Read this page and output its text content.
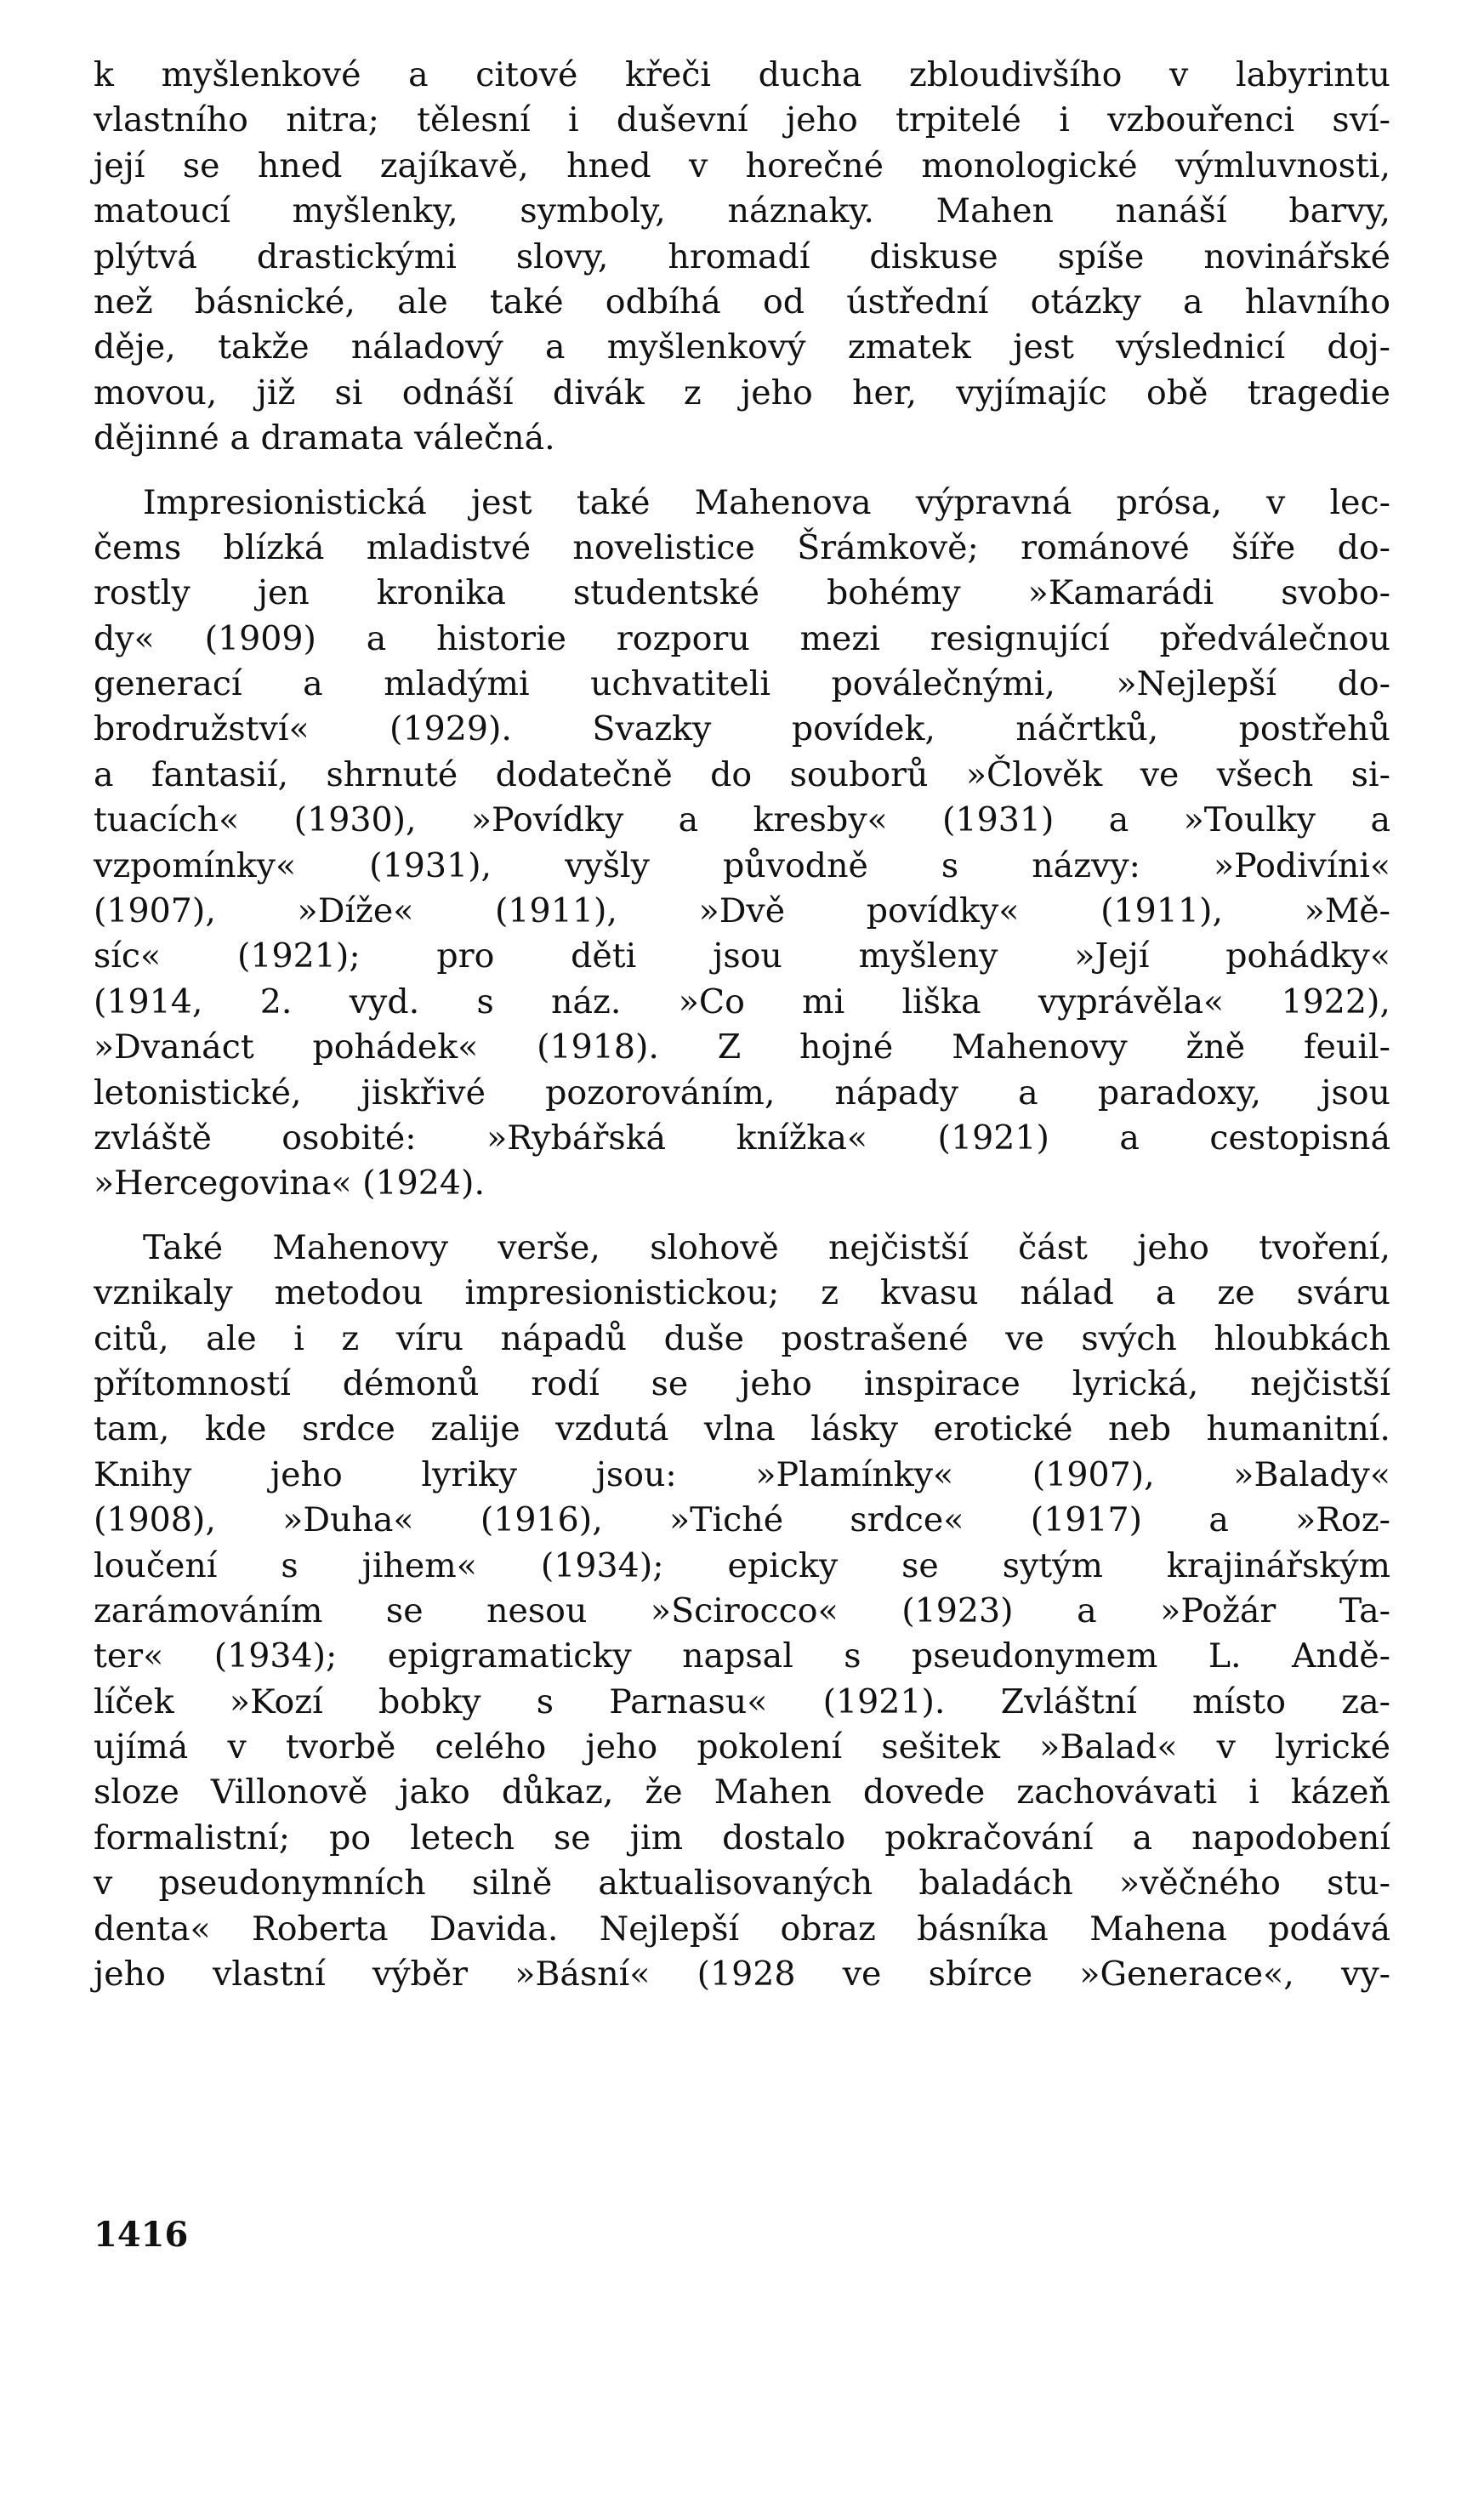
k myšlenkové a citové křeči ducha zbloudivšího v labyrintu
vlastního nitra; tělesní i duševní jeho trpitelé i vzbouřenci sví-
její se hned zajíkavě, hned v horečné monologické výmluvnosti,
matoucí myšlenky, symboly, náznaky. Mahen nanáší barvy,
plýtvá drastickými slovy, hromadí diskuse spíše novinářské
než básnické, ale také odbíhá od ústřední otázky a hlavního
děje, takže náladový a myšlenkový zmatek jest výslednicí doj-
movou, již si odnáší divák z jeho her, vyjímajíc obě tragedie
dějinné a dramata válečná.
Impresionistická jest také Mahenova výpravná prósa, v lec-
čems blízká mladistvé novelistice Šrámkově; románové šíře do-
rostly jen kronika studentské bohémy »Kamarádi svobo-
dy« (1909) a historie rozporu mezi resignující předválečnou
generací a mladými uchvatiteli poválečnými, »Nejlepší do-
brodružství« (1929). Svazky povídek, náčrtků, postřehů
a fantasií, shrnuté dodatečně do souborů »Člověk ve všech si-
tuacích« (1930), »Povídky a kresby« (1931) a »Toulky a
vzpomínky« (1931), vyšly původně s názvy: »Podivíni«
(1907), »Díže« (1911), »Dvě povídky« (1911), »Mě-
síc« (1921); pro děti jsou myšleny »Její pohádky«
(1914, 2. vyd. s náz. »Co mi liška vyprávěla« 1922),
»Dvanáct pohádek« (1918). Z hojné Mahenovy žně feuil-
letonistické, jiskřivé pozorováním, nápady a paradoxy, jsou
zvláště osobité: »Rybářská knížka« (1921) a cestopisná
»Hercegovina« (1924).
Také Mahenovy verše, slohově nejčistší část jeho tvoření,
vznikaly metodou impresionistickou; z kvasu nálad a ze sváru
citů, ale i z víru nápadů duše postrašené ve svých hloubkách
přítomností démonů rodí se jeho inspirace lyrická, nejčistší
tam, kde srdce zalije vzdutá vlna lásky erotické neb humanitní.
Knihy jeho lyriky jsou: »Plamínky« (1907), »Balady«
(1908), »Duha« (1916), »Tiché srdce« (1917) a »Roz-
loučení s jihem« (1934); epicky se sytým krajinářským
zarámováním se nesou »Scirocco« (1923) a »Požár Ta-
ter« (1934); epigramaticky napsal s pseudonymem L. Andě-
líček »Kozí bobky s Parnasu« (1921). Zvláštní místo za-
ujímá v tvorbě celého jeho pokolení sešitek »Balad« v lyrické
sloze Villonově jako důkaz, že Mahen dovede zachovávati i kázeň
formalistní; po letech se jim dostalo pokračování a napodobení
v pseudonymních silně aktualisovaných baladách »věčného stu-
denta« Roberta Davida. Nejlepší obraz básníka Mahena podává
jeho vlastní výběr »Básní« (1928 ve sbírce »Generace«, vy-
1416
